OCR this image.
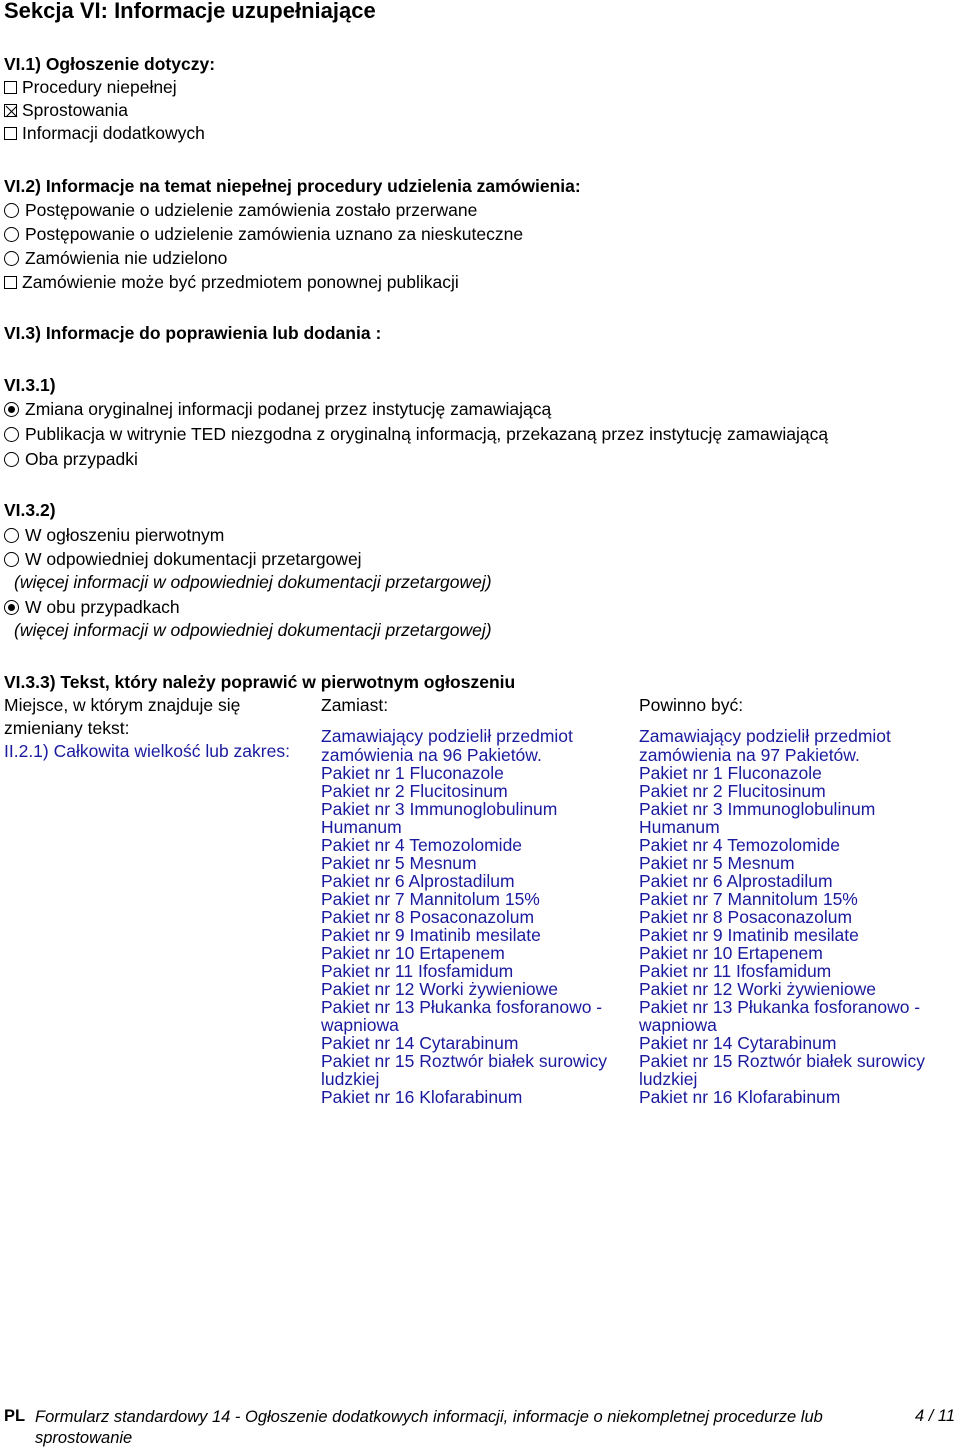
Sekcja VI: Informacje uzupełniające
VI.1) Ogłoszenie dotyczy:
Procedury niepełnej
Sprostowania
Informacji dodatkowych
VI.2) Informacje na temat niepełnej procedury udzielenia zamówienia:
Postępowanie o udzielenie zamówienia zostało przerwane
Postępowanie o udzielenie zamówienia uznano za nieskuteczne
Zamówienia nie udzielono
Zamówienie może być przedmiotem ponownej publikacji
VI.3) Informacje do poprawienia lub dodania :
VI.3.1)
Zmiana oryginalnej informacji podanej przez instytucję zamawiającą
Publikacja w witrynie TED niezgodna z oryginalną informacją, przekazaną przez instytucję zamawiającą
Oba przypadki
VI.3.2)
W ogłoszeniu pierwotnym
W odpowiedniej dokumentacji przetargowej
(więcej informacji w odpowiedniej dokumentacji przetargowej)
W obu przypadkach
(więcej informacji w odpowiedniej dokumentacji przetargowej)
VI.3.3) Tekst, który należy poprawić w pierwotnym ogłoszeniu
Miejsce, w którym znajduje się
zmieniany tekst:
Zamiast:	Powinno być:
II.2.1) Całkowita wielkość lub zakres:
Zamawiający podzielił przedmiot
zamówienia na 96 Pakietów.
Pakiet nr 1 Fluconazole
Pakiet nr 2 Flucitosinum
Pakiet nr 3 Immunoglobulinum
Humanum
Pakiet nr 4 Temozolomide
Pakiet nr 5 Mesnum
Pakiet nr 6 Alprostadilum
Pakiet nr 7 Mannitolum 15%
Pakiet nr 8 Posaconazolum
Pakiet nr 9 Imatinib mesilate
Pakiet nr 10 Ertapenem
Pakiet nr 11 Ifosfamidum
Pakiet nr 12 Worki żywieniowe
Pakiet nr 13 Płukanka fosforanowo -
wapniowa
Pakiet nr 14 Cytarabinum
Pakiet nr 15 Roztwór białek surowicy
ludzkiej
Pakiet nr 16 Klofarabinum
Zamawiający podzielił przedmiot
zamówienia na 97 Pakietów.
Pakiet nr 1 Fluconazole
Pakiet nr 2 Flucitosinum
Pakiet nr 3 Immunoglobulinum
Humanum
Pakiet nr 4 Temozolomide
Pakiet nr 5 Mesnum
Pakiet nr 6 Alprostadilum
Pakiet nr 7 Mannitolum 15%
Pakiet nr 8 Posaconazolum
Pakiet nr 9 Imatinib mesilate
Pakiet nr 10 Ertapenem
Pakiet nr 11 Ifosfamidum
Pakiet nr 12 Worki żywieniowe
Pakiet nr 13 Płukanka fosforanowo -
wapniowa
Pakiet nr 14 Cytarabinum
Pakiet nr 15 Roztwór białek surowicy
ludzkiej
Pakiet nr 16 Klofarabinum
PL Formularz standardowy 14 - Ogłoszenie dodatkowych informacji, informacje o niekompletnej procedurze lub sprostowanie
4 / 11
